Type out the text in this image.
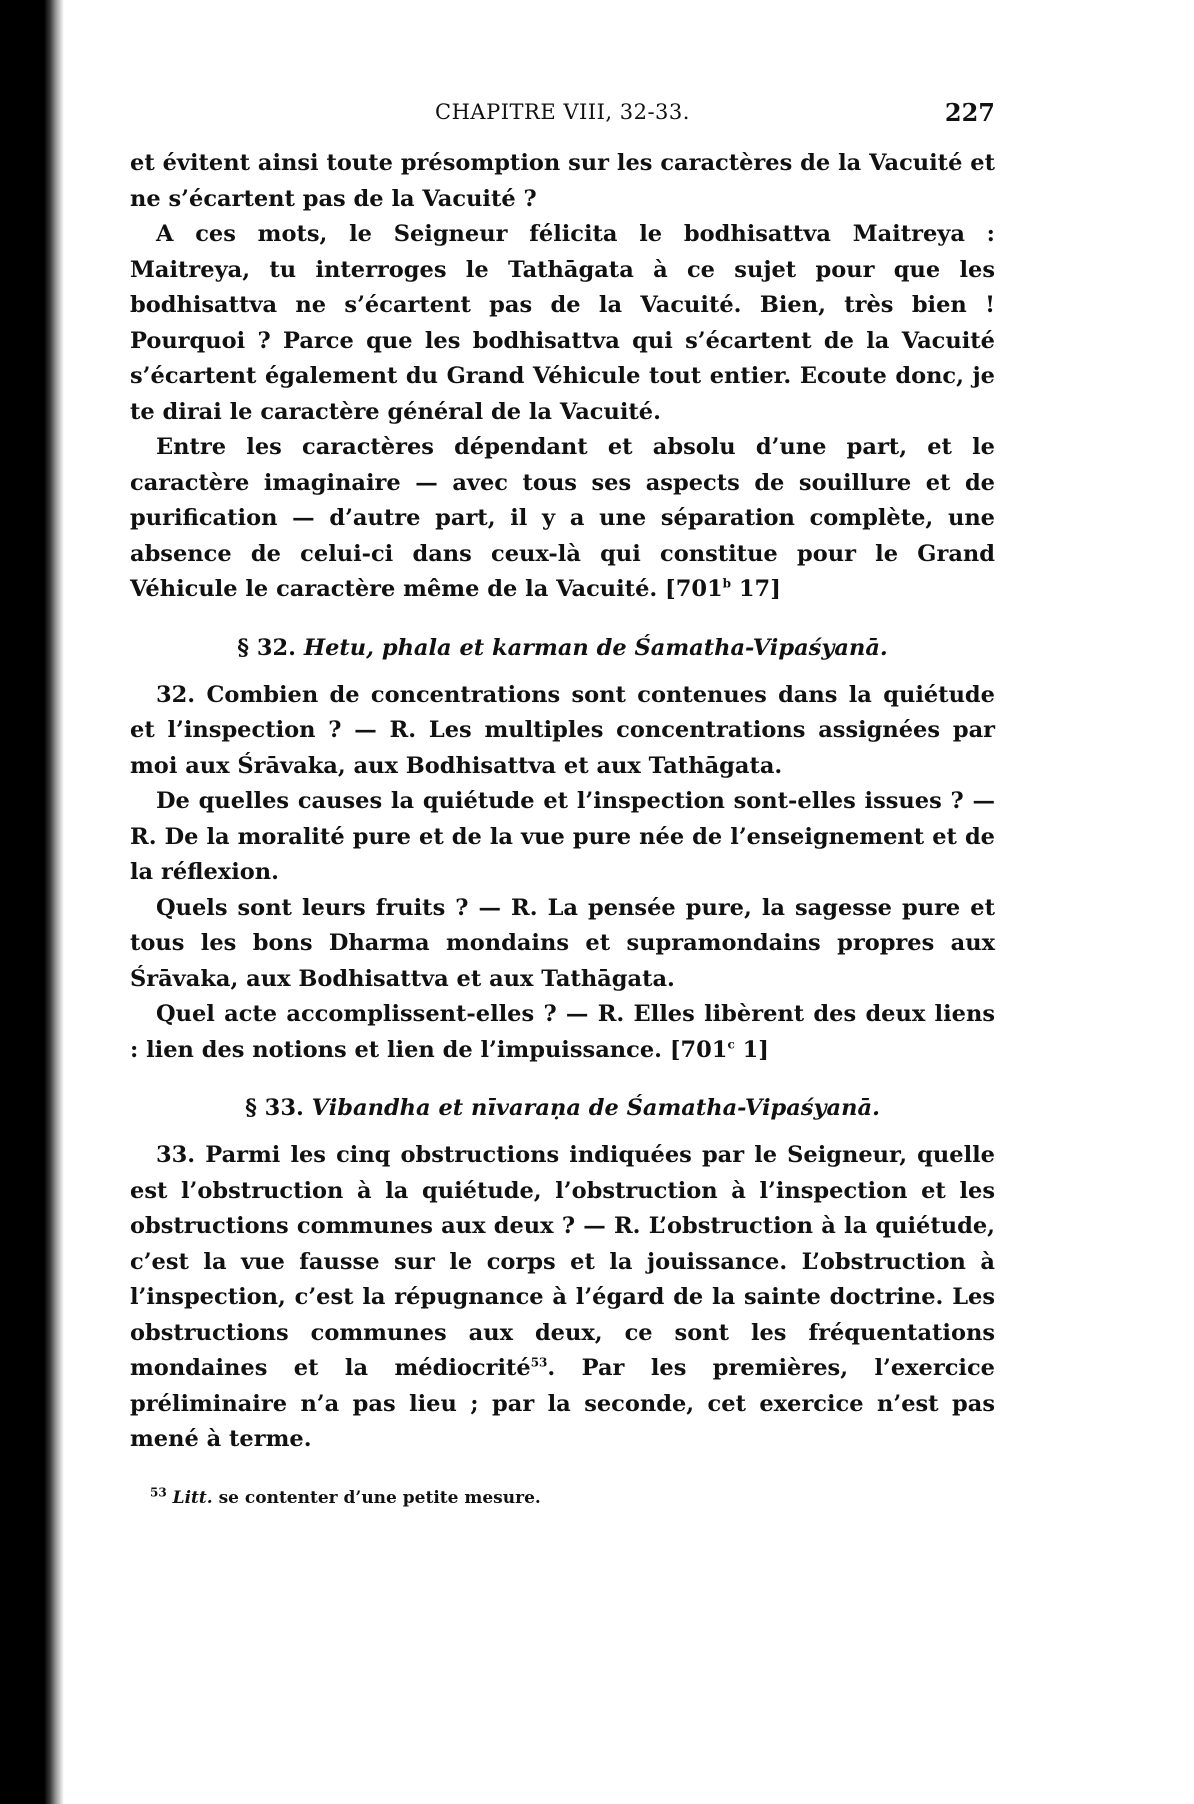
CHAPITRE VIII, 32-33.	227

et évitent ainsi toute présomption sur les caractères de la Vacuité et ne s’écartent pas de la Vacuité ?

A ces mots, le Seigneur félicita le bodhisattva Maitreya : Maitreya, tu interroges le Tathāgata à ce sujet pour que les bodhisattva ne s’écartent pas de la Vacuité. Bien, très bien ! Pourquoi ? Parce que les bodhisattva qui s’écartent de la Vacuité s’écartent également du Grand Véhicule tout entier. Ecoute donc, je te dirai le caractère général de la Vacuité.

Entre les caractères dépendant et absolu d’une part, et le caractère imaginaire — avec tous ses aspects de souillure et de purification — d’autre part, il y a une séparation complète, une absence de celui-ci dans ceux-là qui constitue pour le Grand Véhicule le caractère même de la Vacuité. [701$^b$ 17]

§ 32. Hetu, phala et karman de Śamatha-Vipaśyanā.

32. Combien de concentrations sont contenues dans la quiétude et l’inspection ? — R. Les multiples concentrations assignées par moi aux Śrāvaka, aux Bodhisattva et aux Tathāgata.

De quelles causes la quiétude et l’inspection sont-elles issues ? — R. De la moralité pure et de la vue pure née de l’enseignement et de la réflexion.

Quels sont leurs fruits ? — R. La pensée pure, la sagesse pure et tous les bons Dharma mondains et supramondains propres aux Śrāvaka, aux Bodhisattva et aux Tathāgata.

Quel acte accomplissent-elles ? — R. Elles libèrent des deux liens : lien des notions et lien de l’impuissance. [701$^c$ 1]

§ 33. Vibandha et nīvaraṇa de Śamatha-Vipaśyanā.

33. Parmi les cinq obstructions indiquées par le Seigneur, quelle est l’obstruction à la quiétude, l’obstruction à l’inspection et les obstructions communes aux deux ? — R. L’obstruction à la quiétude, c’est la vue fausse sur le corps et la jouissance. L’obstruction à l’inspection, c’est la répugnance à l’égard de la sainte doctrine. Les obstructions communes aux deux, ce sont les fréquentations mondaines et la médiocrité$^{53}$. Par les premières, l’exercice préliminaire n’a pas lieu ; par la seconde, cet exercice n’est pas mené à terme.

$^{53}$ Litt. se contenter d’une petite mesure.
